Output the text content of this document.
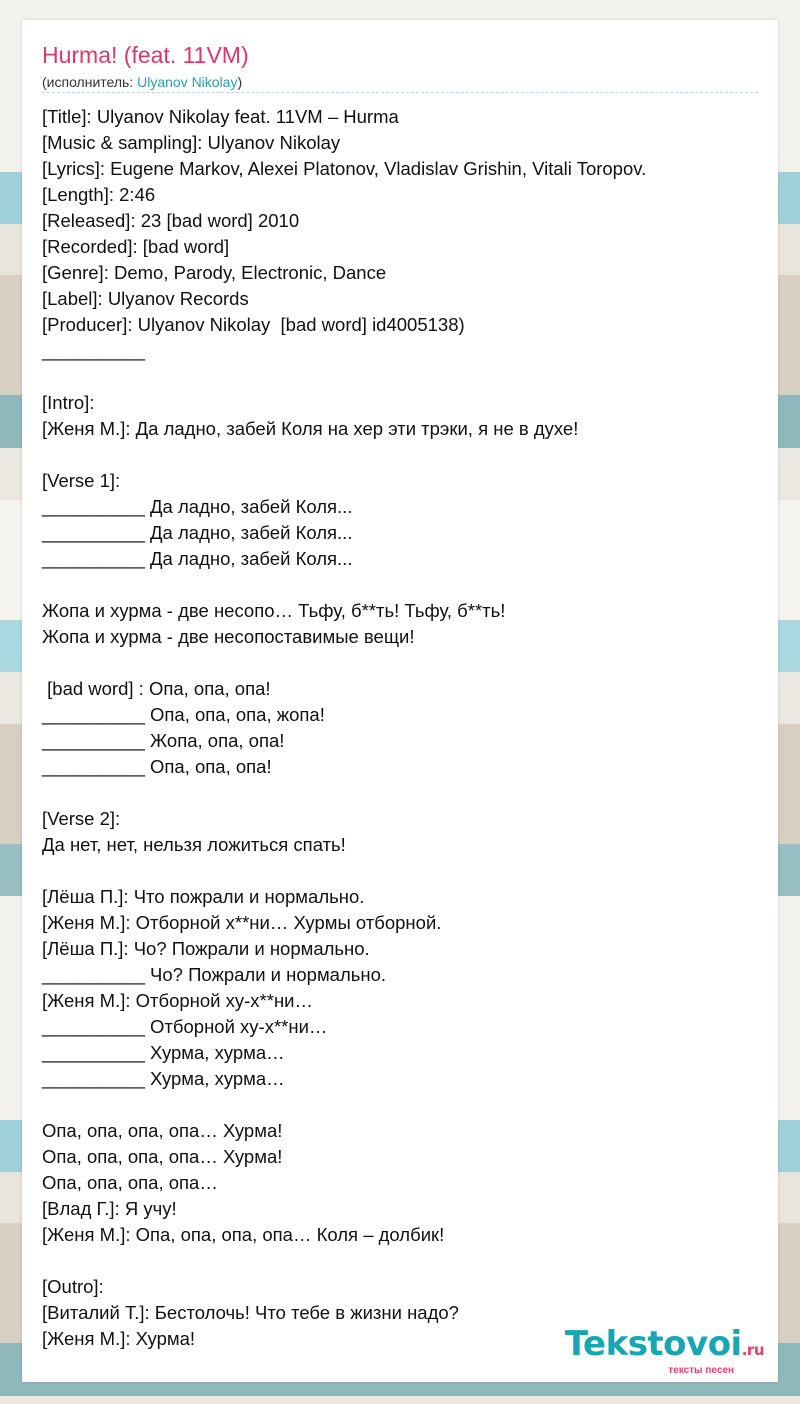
Hurma! (feat. 11VM)
(исполнитель: Ulyanov Nikolay)
[Title]: Ulyanov Nikolay feat. 11VM – Hurma
[Music & sampling]: Ulyanov Nikolay
[Lyrics]: Eugene Markov, Alexei Platonov, Vladislav Grishin, Vitali Toropov.
[Length]: 2:46
[Released]: 23 [bad word] 2010
[Recorded]: [bad word]
[Genre]: Demo, Parody, Electronic, Dance
[Label]: Ulyanov Records
[Producer]: Ulyanov Nikolay  [bad word] id4005138)
__________
[Intro]:
[Женя М.]: Да ладно, забей Коля на хер эти трэки, я не в духе!
[Verse 1]:
__________ Да ладно, забей Коля...
__________ Да ладно, забей Коля...
__________ Да ладно, забей Коля...
Жопа и хурма - две несопо… Тьфу, б**ть! Тьфу, б**ть!
Жопа и хурма - две несопоставимые вещи!
[bad word] : Опа, опа, опа!
__________ Опа, опа, опа, жопа!
__________ Жопа, опа, опа!
__________ Опа, опа, опа!
[Verse 2]:
Да нет, нет, нельзя ложиться спать!
[Лёша П.]: Что пожрали и нормально.
[Женя М.]: Отборной х**ни… Хурмы отборной.
[Лёша П.]: Чо? Пожрали и нормально.
__________ Чо? Пожрали и нормально.
[Женя М.]: Отборной ху-х**ни…
__________ Отборной ху-х**ни…
__________ Хурма, хурма…
__________ Хурма, хурма…
Опа, опа, опа, опа… Хурма!
Опа, опа, опа, опа… Хурма!
Опа, опа, опа, опа…
[Влад Г.]: Я учу!
[Женя М.]: Опа, опа, опа, опа… Коля – долбик!
[Outro]:
[Виталий Т.]: Бестолочь! Что тебе в жизни надо?
[Женя М.]: Хурма!	Tekstovoi.ru
тексты песен
